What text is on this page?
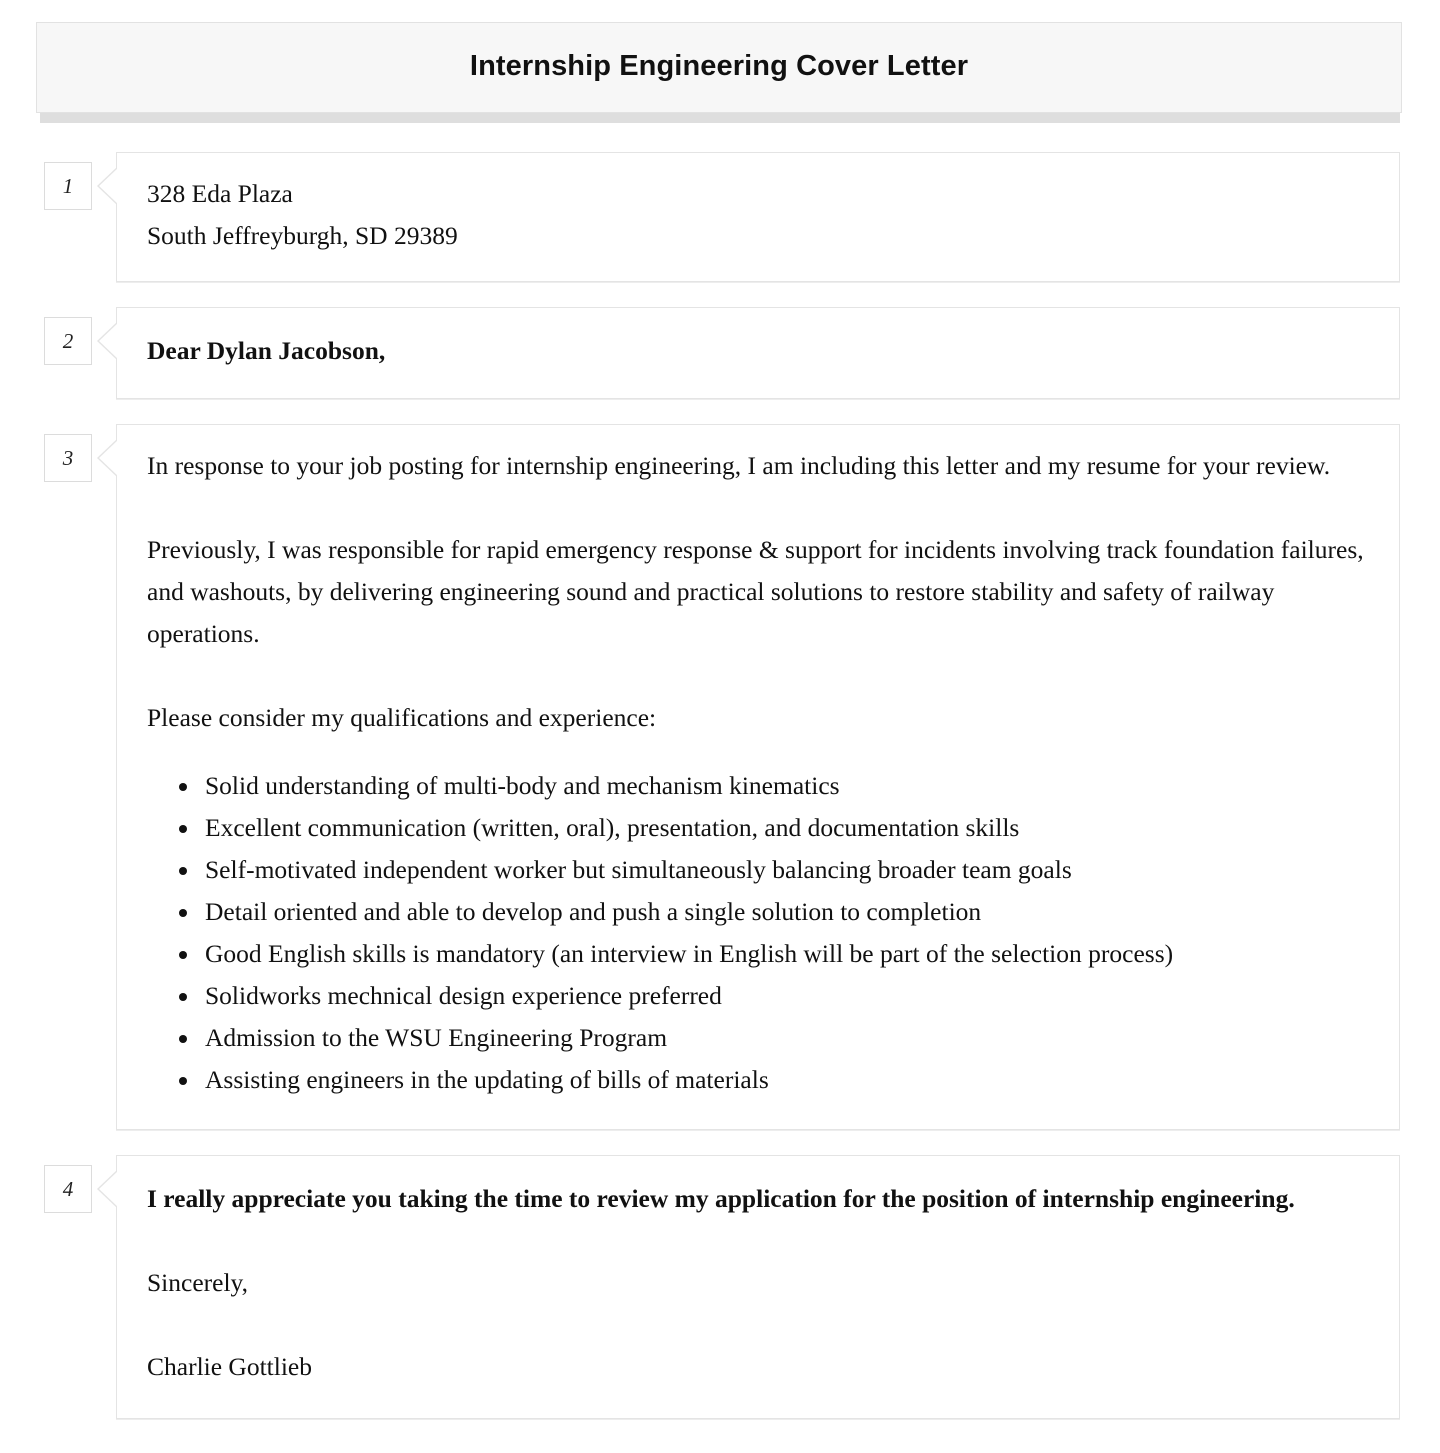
Internship Engineering Cover Letter
1	328 Eda Plaza
South Jeffreyburgh, SD 29389

2	Dear Dylan Jacobson,

3	In response to your job posting for internship engineering, I am including this letter and my resume for your review.

Previously, I was responsible for rapid emergency response & support for incidents involving track foundation failures, and washouts, by delivering engineering sound and practical solutions to restore stability and safety of railway operations.

Please consider my qualifications and experience:

• Solid understanding of multi-body and mechanism kinematics
• Excellent communication (written, oral), presentation, and documentation skills
• Self-motivated independent worker but simultaneously balancing broader team goals
• Detail oriented and able to develop and push a single solution to completion
• Good English skills is mandatory (an interview in English will be part of the selection process)
• Solidworks mechnical design experience preferred
• Admission to the WSU Engineering Program
• Assisting engineers in the updating of bills of materials
4	I really appreciate you taking the time to review my application for the position of internship engineering.

Sincerely,

Charlie Gottlieb
